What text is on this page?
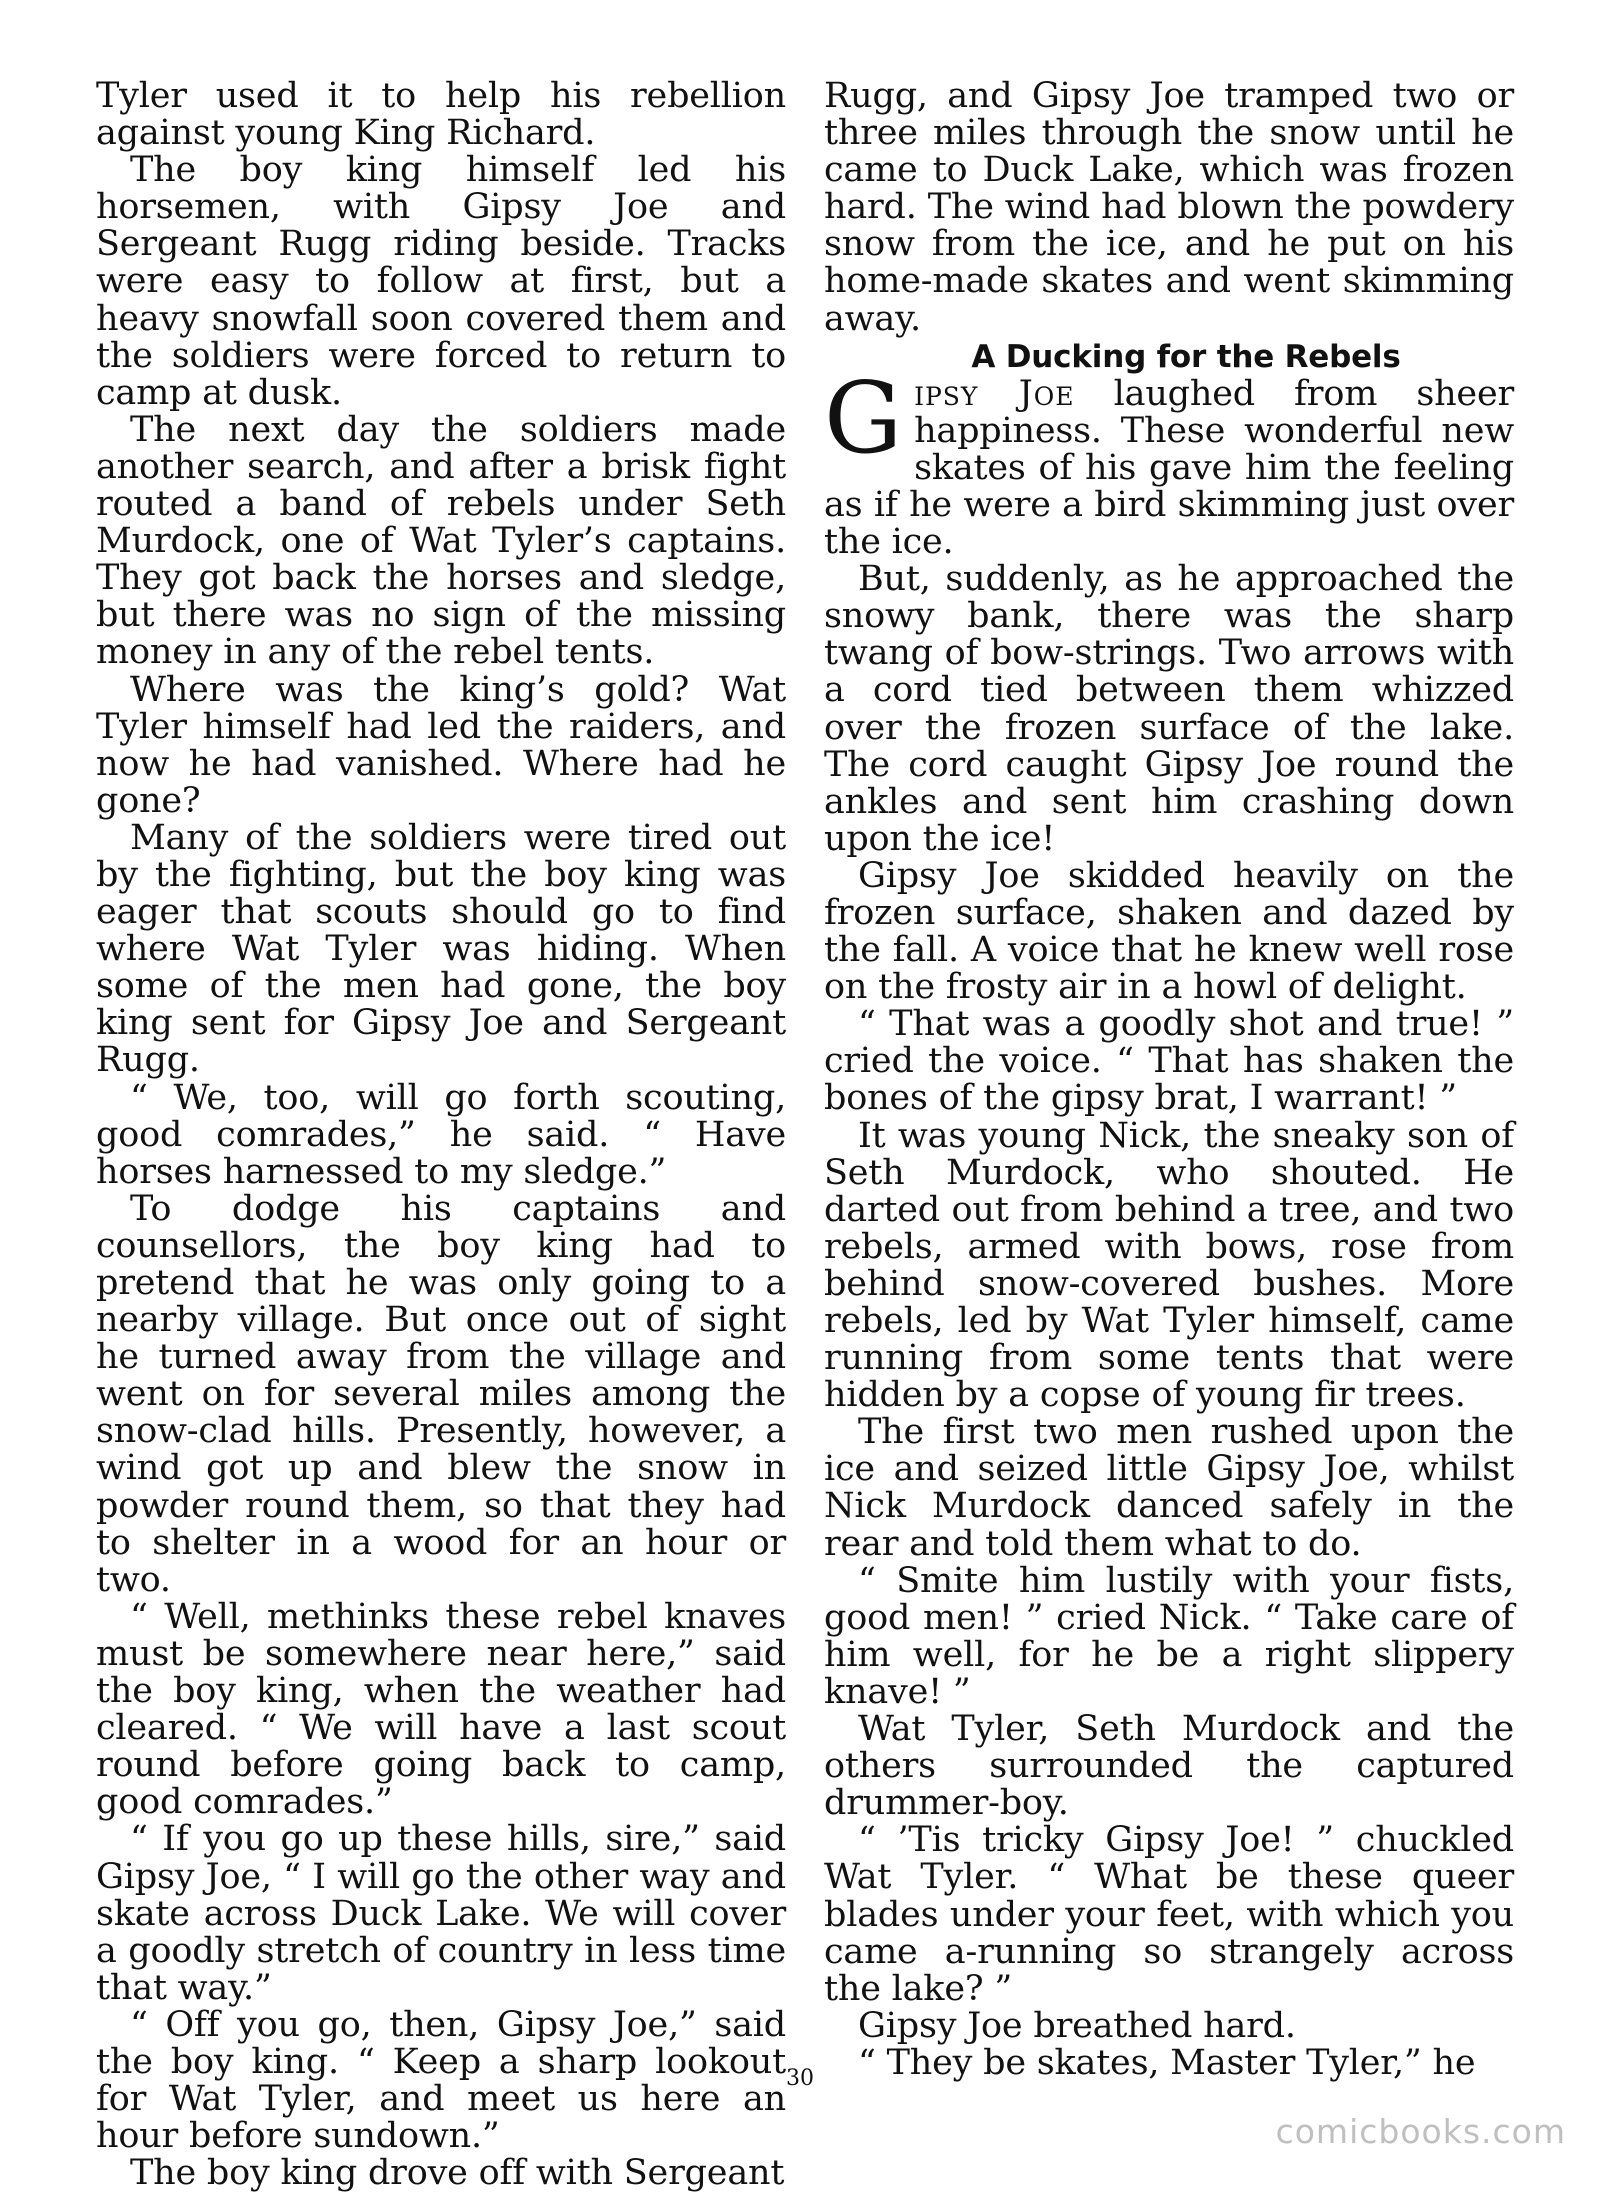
Tyler used it to help his rebellion against young King Richard.

The boy king himself led his horsemen, with Gipsy Joe and Sergeant Rugg riding beside. Tracks were easy to follow at first, but a heavy snowfall soon covered them and the soldiers were forced to return to camp at dusk.

The next day the soldiers made another search, and after a brisk fight routed a band of rebels under Seth Murdock, one of Wat Tyler’s captains. They got back the horses and sledge, but there was no sign of the missing money in any of the rebel tents.

Where was the king’s gold? Wat Tyler himself had led the raiders, and now he had vanished. Where had he gone?

Many of the soldiers were tired out by the fighting, but the boy king was eager that scouts should go to find where Wat Tyler was hiding. When some of the men had gone, the boy king sent for Gipsy Joe and Sergeant Rugg.

“ We, too, will go forth scouting, good comrades,” he said. “ Have horses harnessed to my sledge.”

To dodge his captains and counsellors, the boy king had to pretend that he was only going to a nearby village. But once out of sight he turned away from the village and went on for several miles among the snow-clad hills. Presently, however, a wind got up and blew the snow in powder round them, so that they had to shelter in a wood for an hour or two.

“ Well, methinks these rebel knaves must be somewhere near here,” said the boy king, when the weather had cleared. “ We will have a last scout round before going back to camp, good comrades.”

“ If you go up these hills, sire,” said Gipsy Joe, “ I will go the other way and skate across Duck Lake. We will cover a goodly stretch of country in less time that way.”

“ Off you go, then, Gipsy Joe,” said the boy king. “ Keep a sharp lookout for Wat Tyler, and meet us here an hour before sundown.”

The boy king drove off with Sergeant

Rugg, and Gipsy Joe tramped two or three miles through the snow until he came to Duck Lake, which was frozen hard. The wind had blown the powdery snow from the ice, and he put on his home-made skates and went skimming away.

A Ducking for the Rebels

Gipsy Joe laughed from sheer happiness. These wonderful new skates of his gave him the feeling as if he were a bird skimming just over the ice.

But, suddenly, as he approached the snowy bank, there was the sharp twang of bow-strings. Two arrows with a cord tied between them whizzed over the frozen surface of the lake. The cord caught Gipsy Joe round the ankles and sent him crashing down upon the ice!

Gipsy Joe skidded heavily on the frozen surface, shaken and dazed by the fall. A voice that he knew well rose on the frosty air in a howl of delight.

“ That was a goodly shot and true! ” cried the voice. “ That has shaken the bones of the gipsy brat, I warrant! ”

It was young Nick, the sneaky son of Seth Murdock, who shouted. He darted out from behind a tree, and two rebels, armed with bows, rose from behind snow-covered bushes. More rebels, led by Wat Tyler himself, came running from some tents that were hidden by a copse of young fir trees.

The first two men rushed upon the ice and seized little Gipsy Joe, whilst Nick Murdock danced safely in the rear and told them what to do.

“ Smite him lustily with your fists, good men! ” cried Nick. “ Take care of him well, for he be a right slippery knave! ”

Wat Tyler, Seth Murdock and the others surrounded the captured drummer-boy.

“ ’Tis tricky Gipsy Joe! ” chuckled Wat Tyler. “ What be these queer blades under your feet, with which you came a-running so strangely across the lake? ”

Gipsy Joe breathed hard.

“ They be skates, Master Tyler,” he

30
comicbooks.com
